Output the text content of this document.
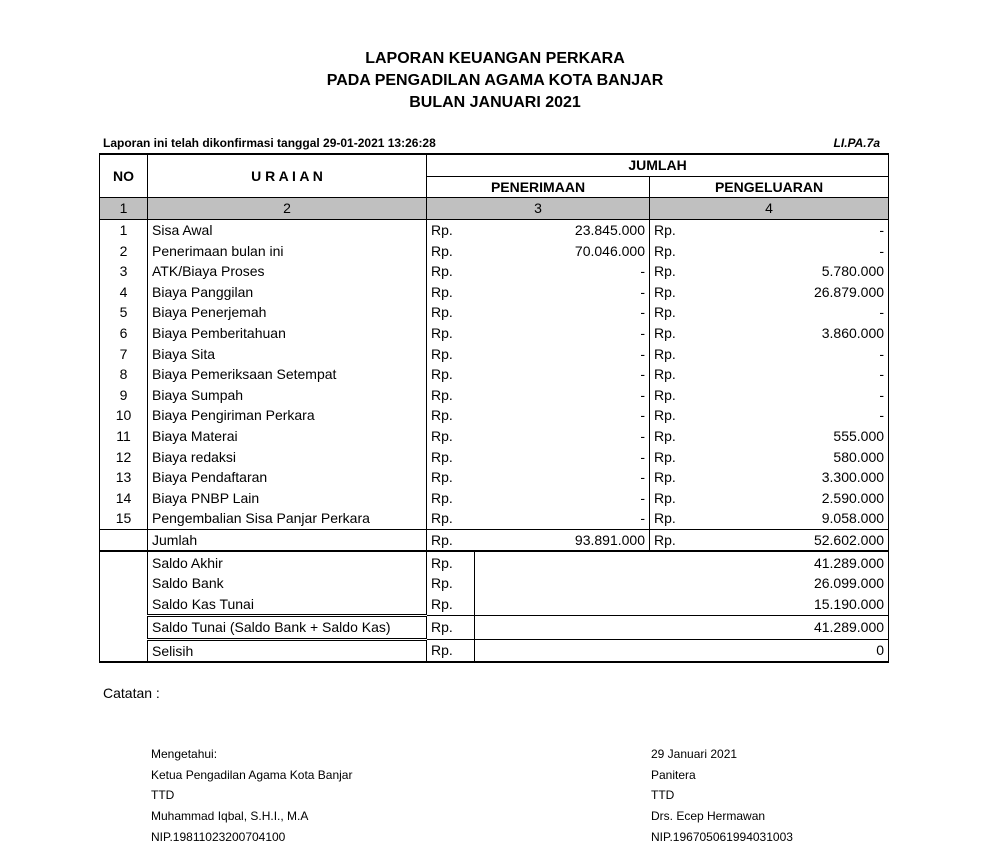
LAPORAN KEUANGAN PERKARA
PADA PENGADILAN AGAMA KOTA BANJAR
BULAN JANUARI 2021
Laporan ini telah dikonfirmasi tanggal 29-01-2021 13:26:28	LI.PA.7a
NO	U R A I A N	JUMLAH			
		PENERIMAAN		PENGELUARAN	
1	2	3		4	
1	Sisa Awal	Rp.	23.845.000	Rp.	-
2	Penerimaan bulan ini	Rp.	70.046.000	Rp.	-
3	ATK/Biaya Proses	Rp.	-	Rp.	5.780.000
4	Biaya Panggilan	Rp.	-	Rp.	26.879.000
5	Biaya Penerjemah	Rp.	-	Rp.	-
6	Biaya Pemberitahuan	Rp.	-	Rp.	3.860.000
7	Biaya Sita	Rp.	-	Rp.	-
8	Biaya Pemeriksaan Setempat	Rp.	-	Rp.	-
9	Biaya Sumpah	Rp.	-	Rp.	-
10	Biaya Pengiriman Perkara	Rp.	-	Rp.	-
11	Biaya Materai	Rp.	-	Rp.	555.000
12	Biaya redaksi	Rp.	-	Rp.	580.000
13	Biaya Pendaftaran	Rp.	-	Rp.	3.300.000
14	Biaya PNBP Lain	Rp.	-	Rp.	2.590.000
15	Pengembalian Sisa Panjar Perkara	Rp.	-	Rp.	9.058.000
	Jumlah	Rp.	93.891.000	Rp.	52.602.000
	Saldo Akhir	Rp.	41.289.000		
	Saldo Bank	Rp.	26.099.000		
	Saldo Kas Tunai	Rp.	15.190.000		
	Saldo Tunai (Saldo Bank + Saldo Kas)	Rp.	41.289.000		
	Selisih	Rp.	0		
Catatan :
Mengetahui:
Ketua Pengadilan Agama Kota Banjar
TTD
Muhammad Iqbal, S.H.I., M.A
NIP.19811023200704100
29 Januari 2021
Panitera
TTD
Drs. Ecep Hermawan
NIP.196705061994031003
